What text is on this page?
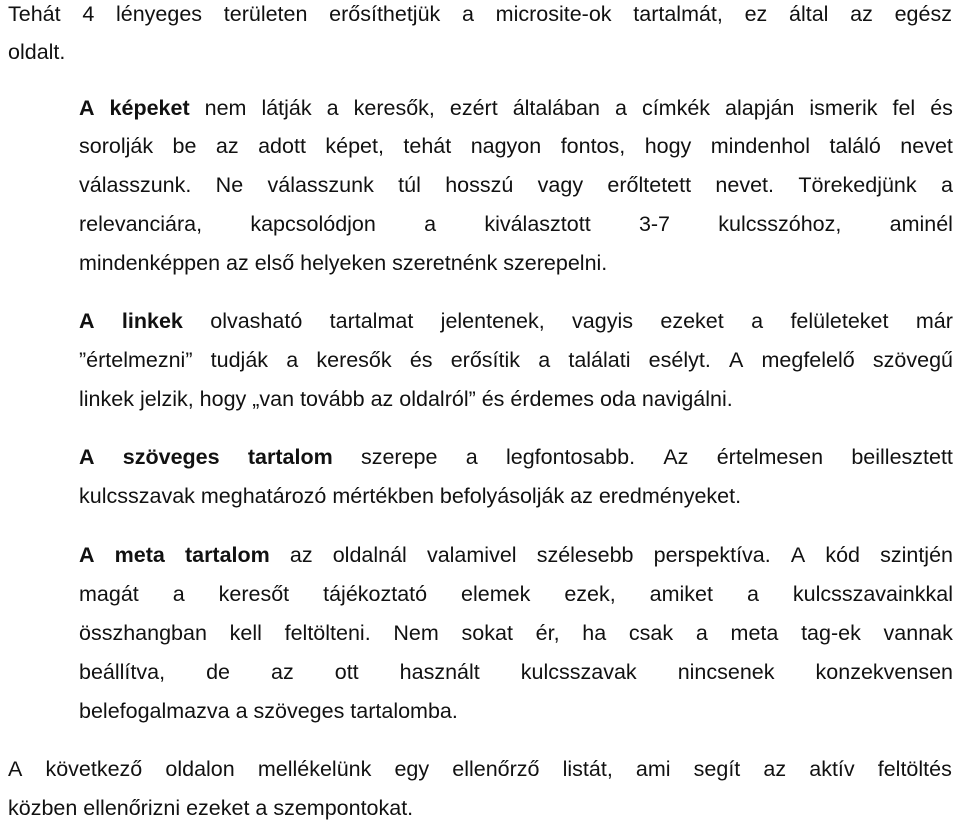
Tehát 4 lényeges területen erősíthetjük a microsite-ok tartalmát, ez által az egész
oldalt.
A képeket nem látják a keresők, ezért általában a címkék alapján ismerik fel és
sorolják be az adott képet, tehát nagyon fontos, hogy mindenhol találó nevet
válasszunk. Ne válasszunk túl hosszú vagy erőltetett nevet. Törekedjünk a
relevanciára, kapcsolódjon a kiválasztott 3-7 kulcsszóhoz, aminél
mindenképpen az első helyeken szeretnénk szerepelni.
A linkek olvasható tartalmat jelentenek, vagyis ezeket a felületeket már
”értelmezni” tudják a keresők és erősítik a találati esélyt. A megfelelő szövegű
linkek jelzik, hogy „van tovább az oldalról” és érdemes oda navigálni.
A szöveges tartalom szerepe a legfontosabb. Az értelmesen beillesztett
kulcsszavak meghatározó mértékben befolyásolják az eredményeket.
A meta tartalom az oldalnál valamivel szélesebb perspektíva. A kód szintjén
magát a keresőt tájékoztató elemek ezek, amiket a kulcsszavainkkal
összhangban kell feltölteni. Nem sokat ér, ha csak a meta tag-ek vannak
beállítva, de az ott használt kulcsszavak nincsenek konzekvensen
belefogalmazva a szöveges tartalomba.
A következő oldalon mellékelünk egy ellenőrző listát, ami segít az aktív feltöltés
közben ellenőrizni ezeket a szempontokat.
